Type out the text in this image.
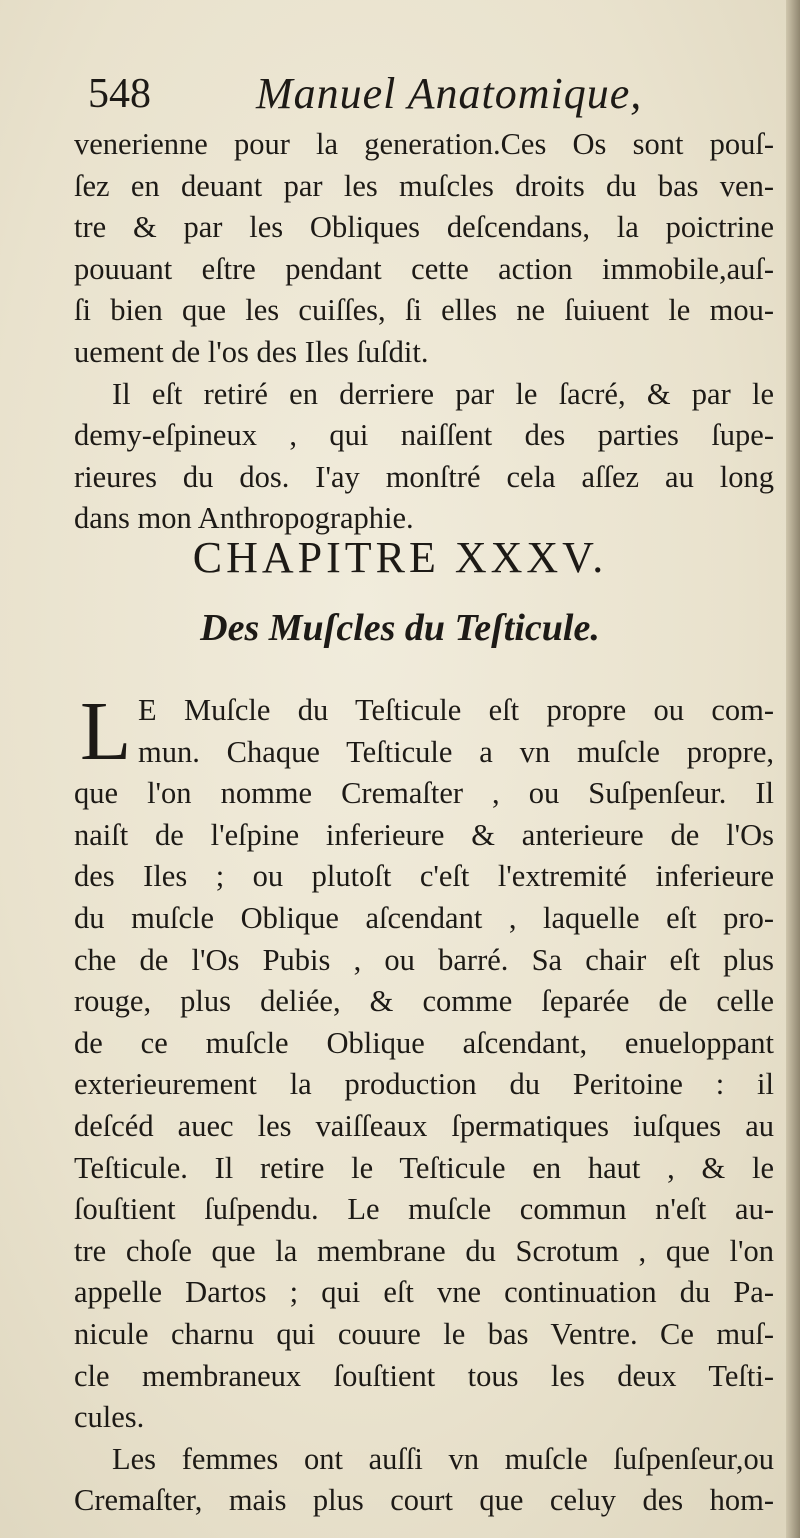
548 Manuel Anatomique,
venerienne pour la generation.Ces Os sont pouſ-
ſez en deuant par les muſcles droits du bas ven-
tre & par les Obliques deſcendans, la poictrine
pouuant eſtre pendant cette action immobile,auſ-
ſi bien que les cuiſſes, ſi elles ne ſuiuent le mou-
uement de l'os des Iles ſuſdit.
Il eſt retiré en derriere par le ſacré, & par le
demy-eſpineux , qui naiſſent des parties ſupe-
rieures du dos. I'ay monſtré cela aſſez au long
dans mon Anthropographie.
CHAPITRE XXXV.
Des Muſcles du Teſticule.
L E Muſcle du Teſticule eſt propre ou com-
mun. Chaque Teſticule a vn muſcle propre,
que l'on nomme Cremaſter , ou Suſpenſeur. Il
naiſt de l'eſpine inferieure & anterieure de l'Os
des Iles ; ou plutoſt c'eſt l'extremité inferieure
du muſcle Oblique aſcendant , laquelle eſt pro-
che de l'Os Pubis , ou barré. Sa chair eſt plus
rouge, plus deliée, & comme ſeparée de celle
de ce muſcle Oblique aſcendant, enueloppant
exterieurement la production du Peritoine : il
deſcéd auec les vaiſſeaux ſpermatiques iuſques au
Teſticule. Il retire le Teſticule en haut , & le
ſouſtient ſuſpendu. Le muſcle commun n'eſt au-
tre choſe que la membrane du Scrotum , que l'on
appelle Dartos ; qui eſt vne continuation du Pa-
nicule charnu qui couure le bas Ventre. Ce muſ-
cle membraneux ſouſtient tous les deux Teſti-
cules.
Les femmes ont auſſi vn muſcle ſuſpenſeur,ou
Cremaſter, mais plus court que celuy des hom-
